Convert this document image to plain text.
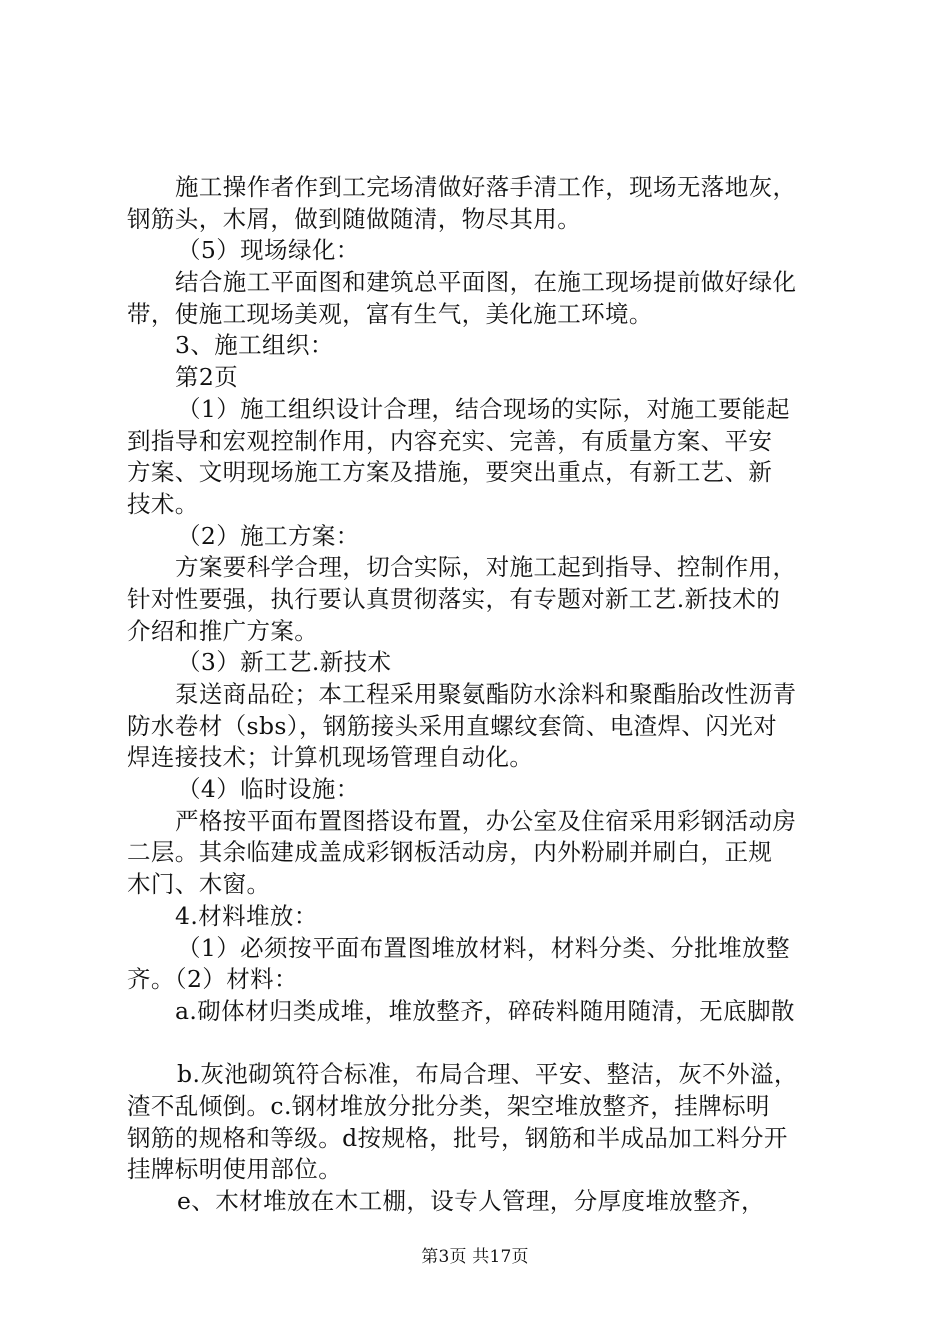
施工操作者作到工完场清做好落手清工作，现场无落地灰，
钢筋头，木屑，做到随做随清，物尽其用。
（5）现场绿化：
结合施工平面图和建筑总平面图，在施工现场提前做好绿化
带，使施工现场美观，富有生气，美化施工环境。
3、施工组织：
第2页
（1）施工组织设计合理，结合现场的实际，对施工要能起
到指导和宏观控制作用，内容充实、完善，有质量方案、平安
方案、文明现场施工方案及措施，要突出重点，有新工艺、新
技术。
（2）施工方案：
方案要科学合理，切合实际，对施工起到指导、控制作用，
针对性要强，执行要认真贯彻落实，有专题对新工艺.新技术的
介绍和推广方案。
（3）新工艺.新技术
泵送商品砼；本工程采用聚氨酯防水涂料和聚酯胎改性沥青
防水卷材（sbs），钢筋接头采用直螺纹套筒、电渣焊、闪光对
焊连接技术；计算机现场管理自动化。
（4）临时设施：
严格按平面布置图搭设布置，办公室及住宿采用彩钢活动房
二层。其余临建成盖成彩钢板活动房，内外粉刷并刷白，正规
木门、木窗。
4.材料堆放：
（1）必须按平面布置图堆放材料，材料分类、分批堆放整
齐。（2）材料：
a.砌体材归类成堆，堆放整齐，碎砖料随用随清，无底脚散
b.灰池砌筑符合标准，布局合理、平安、整洁，灰不外溢，
渣不乱倾倒。c.钢材堆放分批分类，架空堆放整齐，挂牌标明
钢筋的规格和等级。d按规格，批号，钢筋和半成品加工料分开
挂牌标明使用部位。
e、木材堆放在木工棚，设专人管理，分厚度堆放整齐，
第3页 共17页
